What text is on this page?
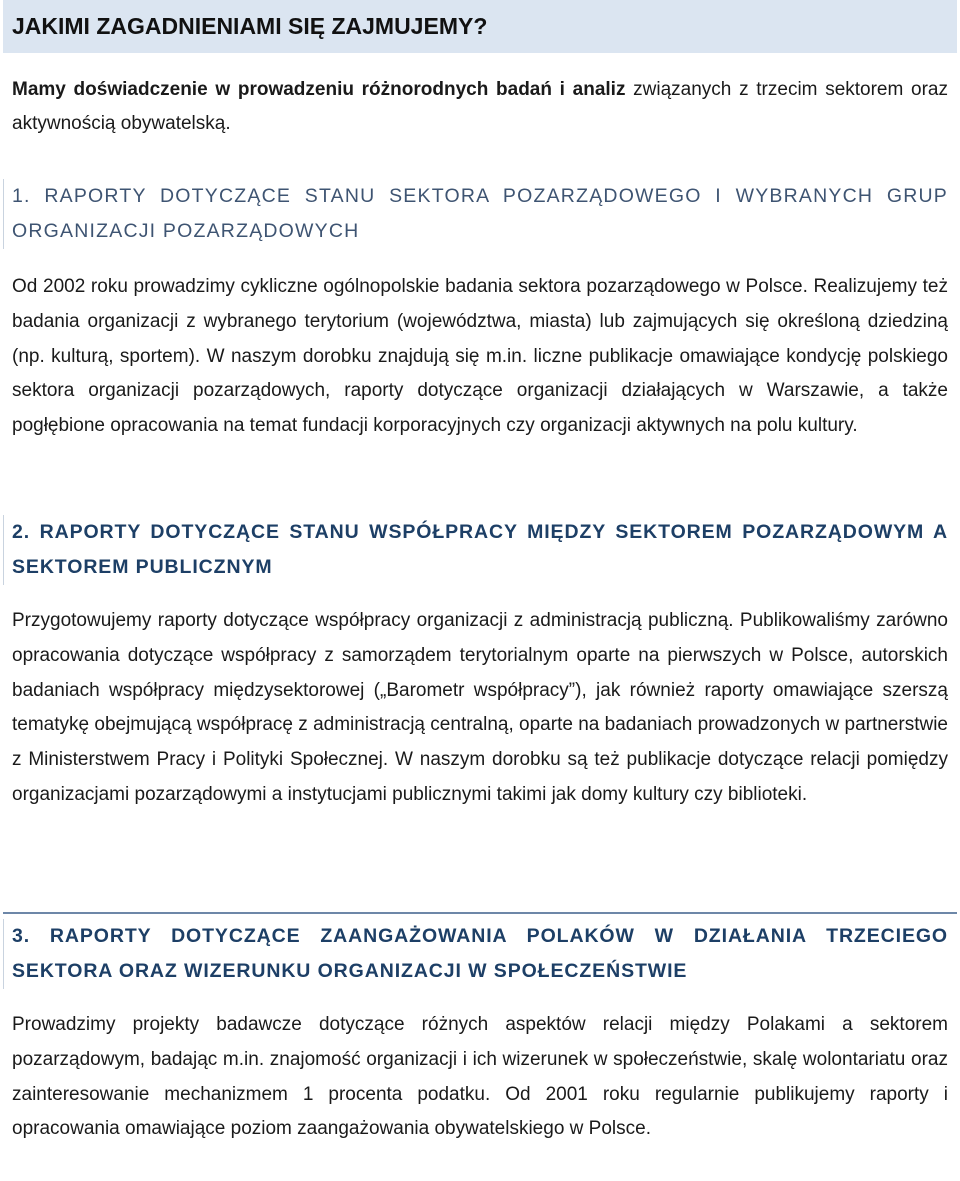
JAKIMI ZAGADNIENIAMI SIĘ ZAJMUJEMY?

Mamy doświadczenie w prowadzeniu różnorodnych badań i analiz związanych z trzecim sektorem oraz aktywnością obywatelską.

1. RAPORTY DOTYCZĄCE STANU SEKTORA POZARZĄDOWEGO I WYBRANYCH GRUP ORGANIZACJI POZARZĄDOWYCH

Od 2002 roku prowadzimy cykliczne ogólnopolskie badania sektora pozarządowego w Polsce. Realizujemy też badania organizacji z wybranego terytorium (województwa, miasta) lub zajmujących się określoną dziedziną (np. kulturą, sportem). W naszym dorobku znajdują się m.in. liczne publikacje omawiające kondycję polskiego sektora organizacji pozarządowych, raporty dotyczące organizacji działających w Warszawie, a także pogłębione opracowania na temat fundacji korporacyjnych czy organizacji aktywnych na polu kultury.

2. RAPORTY DOTYCZĄCE STANU WSPÓŁPRACY MIĘDZY SEKTOREM POZARZĄDOWYM A SEKTOREM PUBLICZNYM

Przygotowujemy raporty dotyczące współpracy organizacji z administracją publiczną. Publikowaliśmy zarówno opracowania dotyczące współpracy z samorządem terytorialnym oparte na pierwszych w Polsce, autorskich badaniach współpracy międzysektorowej („Barometr współpracy”), jak również raporty omawiające szerszą tematykę obejmującą współpracę z administracją centralną, oparte na badaniach prowadzonych w partnerstwie z Ministerstwem Pracy i Polityki Społecznej. W naszym dorobku są też publikacje dotyczące relacji pomiędzy organizacjami pozarządowymi a instytucjami publicznymi takimi jak domy kultury czy biblioteki.

3. RAPORTY DOTYCZĄCE ZAANGAŻOWANIA POLAKÓW W DZIAŁANIA TRZECIEGO SEKTORA ORAZ WIZERUNKU ORGANIZACJI W SPOŁECZEŃSTWIE

Prowadzimy projekty badawcze dotyczące różnych aspektów relacji między Polakami a sektorem pozarządowym, badając m.in. znajomość organizacji i ich wizerunek w społeczeństwie, skalę wolontariatu oraz zainteresowanie mechanizmem 1 procenta podatku. Od 2001 roku regularnie publikujemy raporty i opracowania omawiające poziom zaangażowania obywatelskiego w Polsce.
